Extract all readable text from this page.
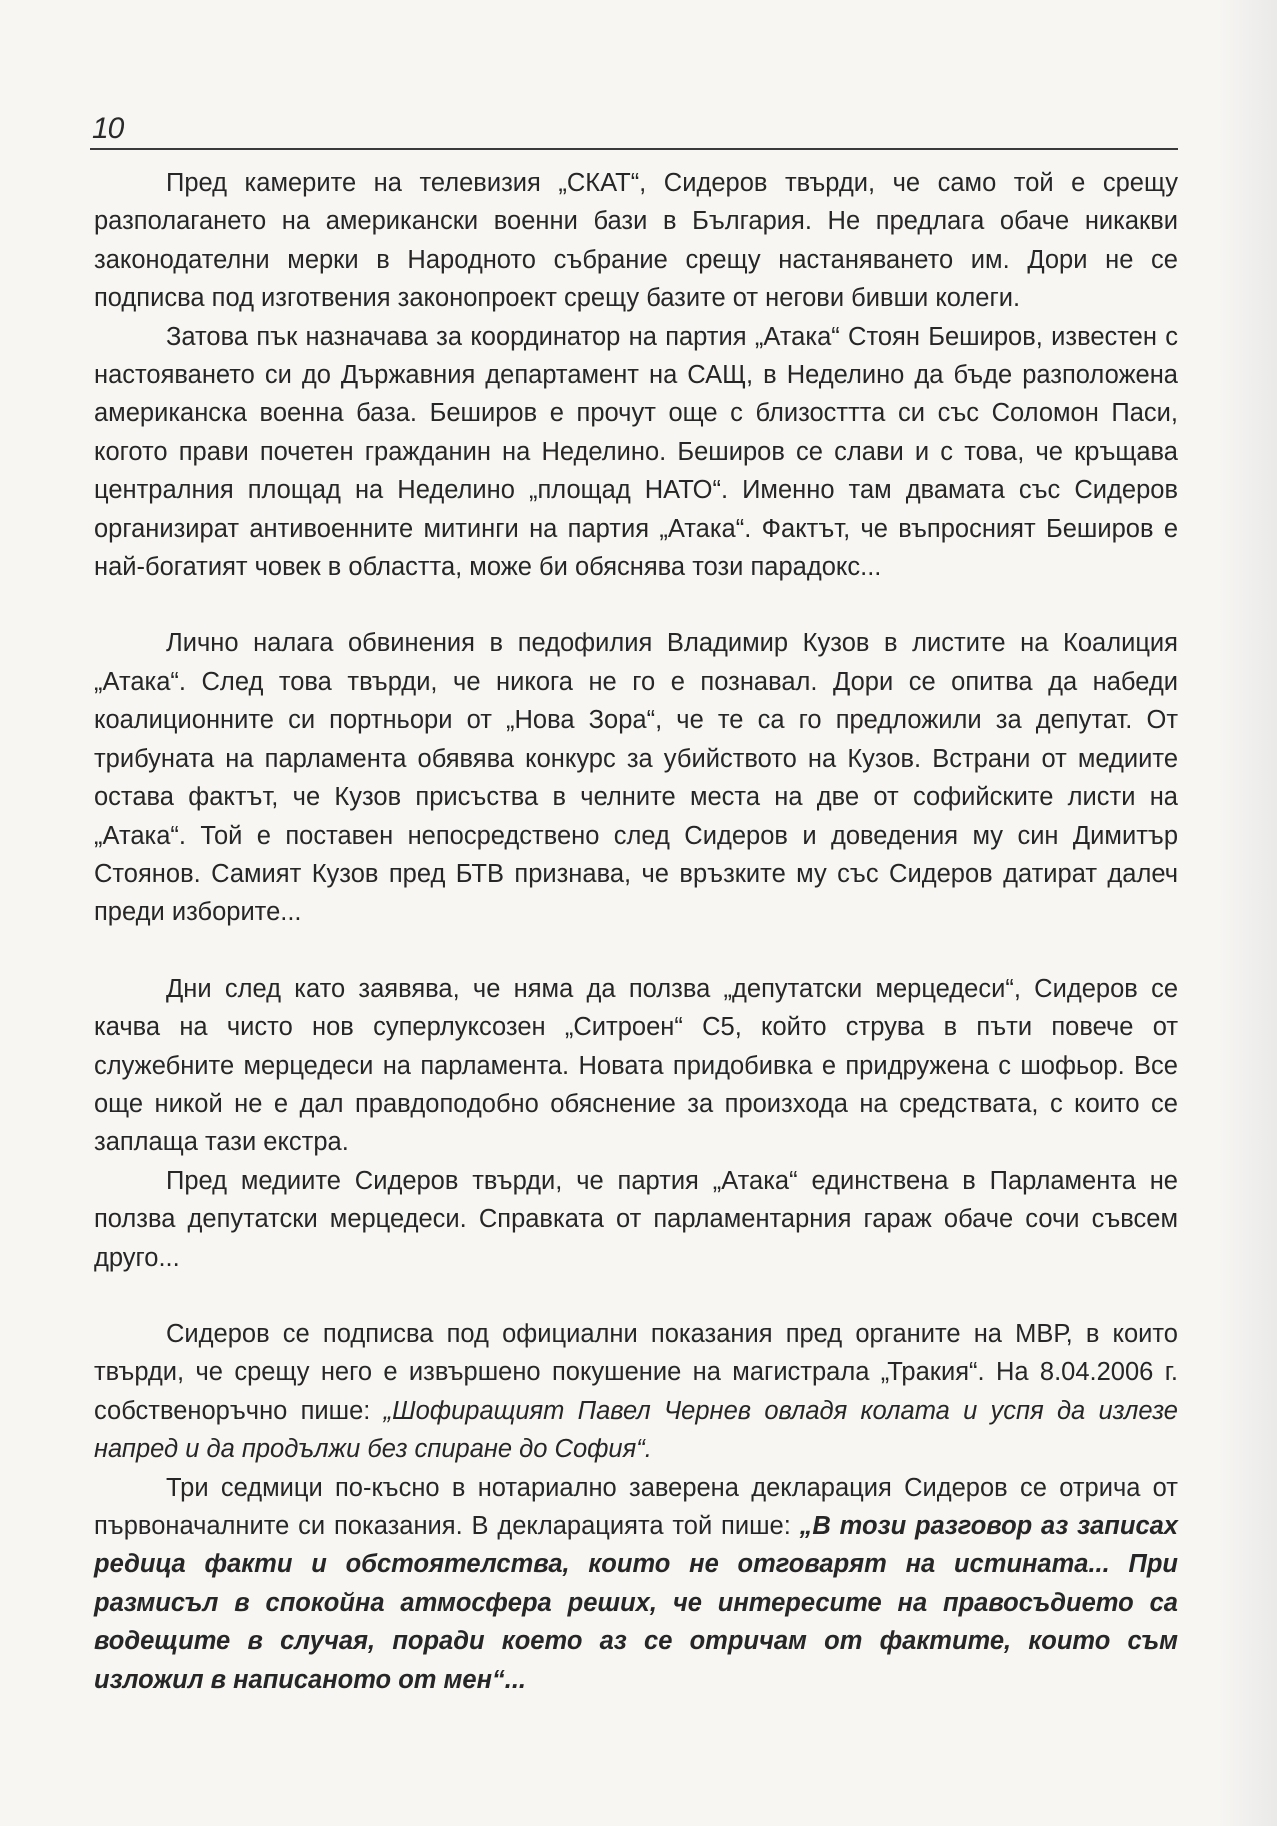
10

Пред камерите на телевизия „СКАТ“, Сидеров твърди, че само той е срещу разполагането на американски военни бази в България. Не предлага обаче никакви законодателни мерки в Народното събрание срещу настаняването им. Дори не се подписва под изготвения законопроект срещу базите от негови бивши колеги.

Затова пък назначава за координатор на партия „Атака“ Стоян Беширов, известен с настояването си до Държавния департамент на САЩ, в Неделино да бъде разположена американска военна база. Беширов е прочут още с близосттта си със Соломон Паси, когото прави почетен гражданин на Неделино. Беширов се слави и с това, че кръщава централния площад на Неделино „площад НАТО“. Именно там двамата със Сидеров организират антивоенните митинги на партия „Атака“. Фактът, че въпросният Беширов е най-богатият човек в областта, може би обяснява този парадокс...

Лично налага обвинения в педофилия Владимир Кузов в листите на Коалиция „Атака“. След това твърди, че никога не го е познавал. Дори се опитва да набеди коалиционните си портньори от „Нова Зора“, че те са го предложили за депутат. От трибуната на парламента обявява конкурс за убийството на Кузов. Встрани от медиите остава фактът, че Кузов присъства в челните места на две от софийските листи на „Атака“. Той е поставен непосредствено след Сидеров и доведения му син Димитър Стоянов. Самият Кузов пред БТВ признава, че връзките му със Сидеров датират далеч преди изборите...

Дни след като заявява, че няма да ползва „депутатски мерцедеси“, Сидеров се качва на чисто нов суперлуксозен „Ситроен“ С5, който струва в пъти повече от служебните мерцедеси на парламента. Новата придобивка е придружена с шофьор. Все още никой не е дал правдоподобно обяснение за произхода на средствата, с които се заплаща тази екстра.

Пред медиите Сидеров твърди, че партия „Атака“ единствена в Парламента не ползва депутатски мерцедеси. Справката от парламентарния гараж обаче сочи съвсем друго...

Сидеров се подписва под официални показания пред органите на МВР, в които твърди, че срещу него е извършено покушение на магистрала „Тракия“. На 8.04.2006 г. собственоръчно пише: „Шофиращият Павел Чернев овладя колата и успя да излезе напред и да продължи без спиране до София“.

Три седмици по-късно в нотариално заверена декларация Сидеров се отрича от първоначалните си показания. В декларацията той пише: „В този разговор аз записах редица факти и обстоятелства, които не отговарят на истината... При размисъл в спокойна атмосфера реших, че интересите на правосъдието са водещите в случая, поради което аз се отричам от фактите, които съм изложил в написаното от мен“...
